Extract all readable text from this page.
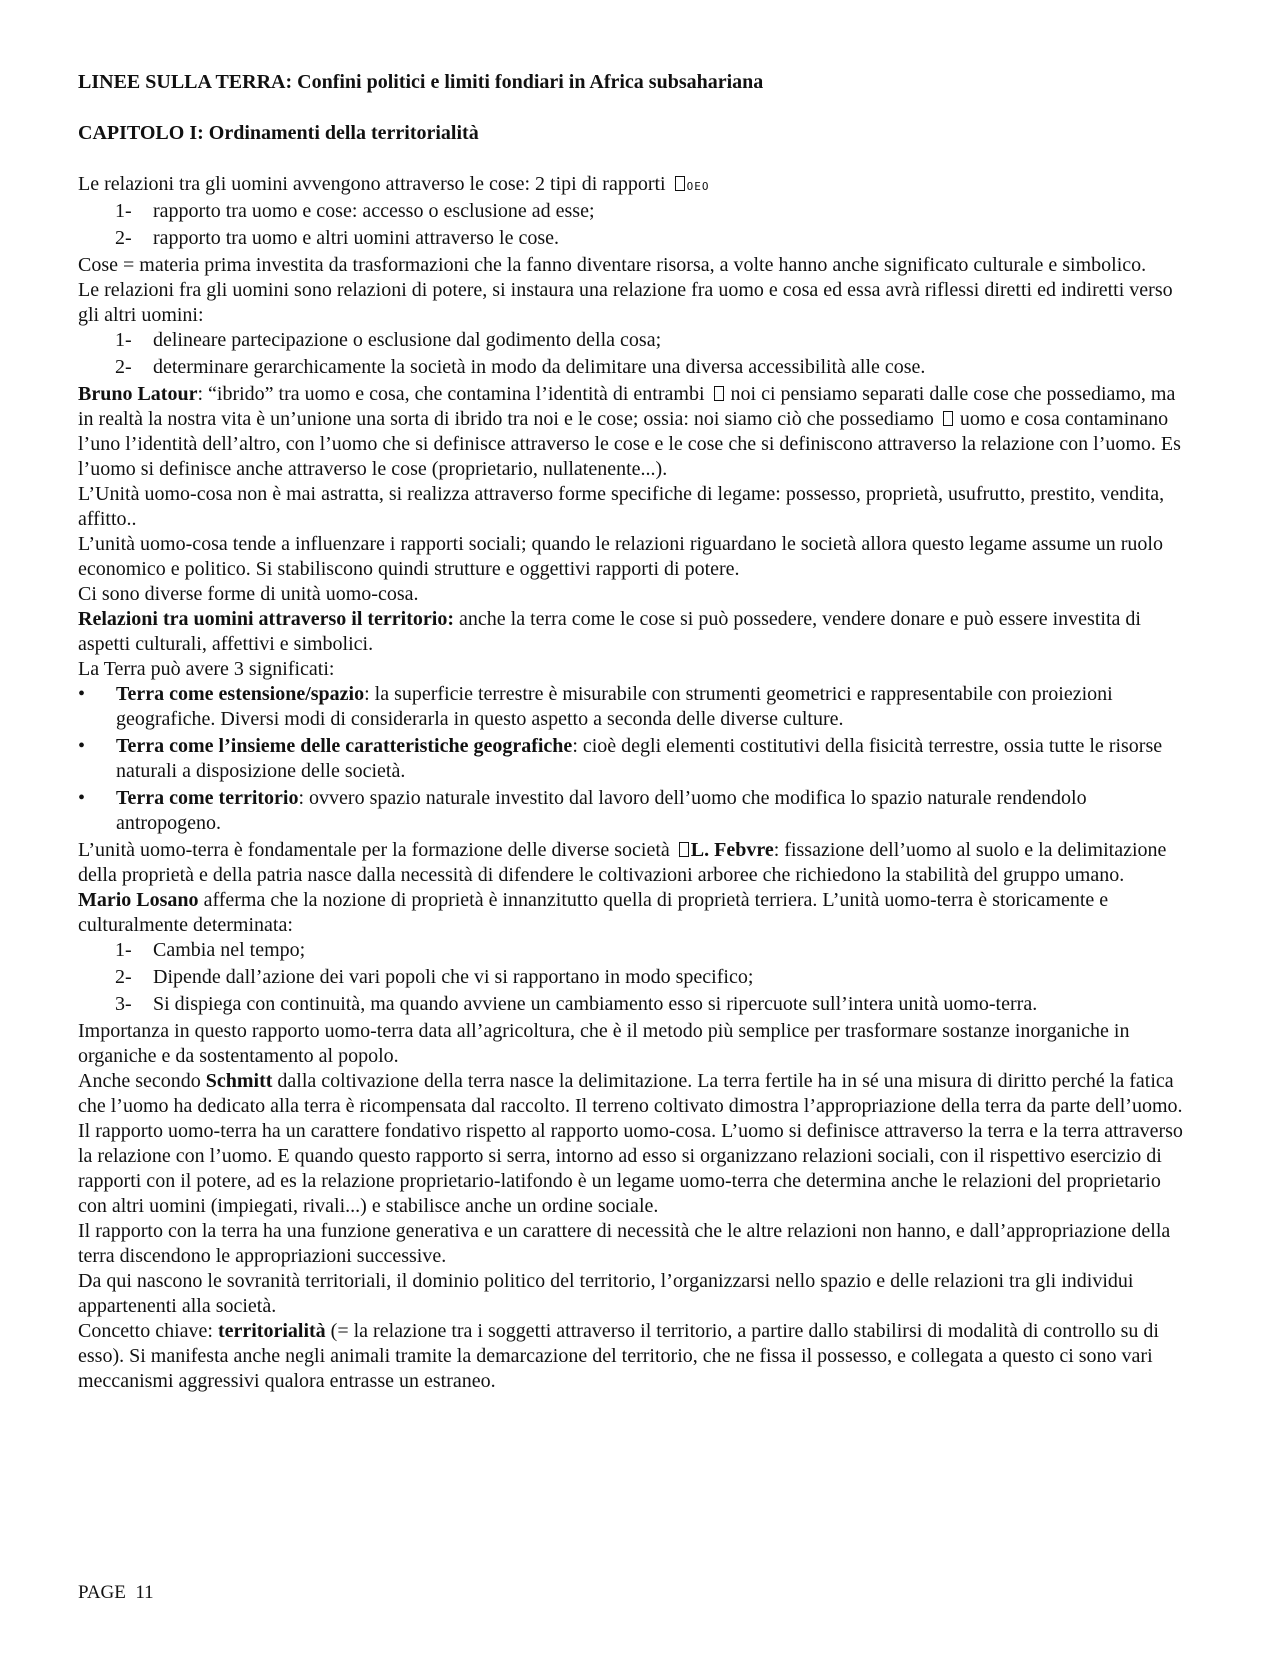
LINEE SULLA TERRA: Confini politici e limiti fondiari in Africa subsahariana
CAPITOLO I: Ordinamenti della territorialità

Le relazioni tra gli uomini avvengono attraverso le cose: 2 tipi di rapporti OEO

1- rapporto tra uomo e cose: accesso o esclusione ad esse;
2- rapporto tra uomo e altri uomini attraverso le cose.

Cose = materia prima investita da trasformazioni che la fanno diventare risorsa, a volte hanno anche significato culturale e simbolico.

Le relazioni fra gli uomini sono relazioni di potere, si instaura una relazione fra uomo e cosa ed essa avrà riflessi diretti ed indiretti verso gli altri uomini:

1- delineare partecipazione o esclusione dal godimento della cosa;
2- determinare gerarchicamente la società in modo da delimitare una diversa accessibilità alle cose.

Bruno Latour: “ibrido” tra uomo e cosa, che contamina l’identità di entrambi  noi ci pensiamo separati dalle cose che possediamo, ma in realtà la nostra vita è un’unione una sorta di ibrido tra noi e le cose; ossia: noi siamo ciò che possediamo  uomo e cosa contaminano l’uno l’identità dell’altro, con l’uomo che si definisce attraverso le cose e le cose che si definiscono attraverso la relazione con l’uomo. Es l’uomo si definisce anche attraverso le cose (proprietario, nullatenente...).

L’Unità uomo-cosa non è mai astratta, si realizza attraverso forme specifiche di legame: possesso, proprietà, usufrutto, prestito, vendita, affitto..

L’unità uomo-cosa tende a influenzare i rapporti sociali; quando le relazioni riguardano le società allora questo legame assume un ruolo economico e politico. Si stabiliscono quindi strutture e oggettivi rapporti di potere.

Ci sono diverse forme di unità uomo-cosa.

Relazioni tra uomini attraverso il territorio: anche la terra come le cose si può possedere, vendere donare e può essere investita di aspetti culturali, affettivi e simbolici.

La Terra può avere 3 significati:

• Terra come estensione/spazio: la superficie terrestre è misurabile con strumenti geometrici e rappresentabile con proiezioni geografiche. Diversi modi di considerarla in questo aspetto a seconda delle diverse culture.
• Terra come l’insieme delle caratteristiche geografiche: cioè degli elementi costitutivi della fisicità terrestre, ossia tutte le risorse naturali a disposizione delle società.
• Terra come territorio: ovvero spazio naturale investito dal lavoro dell’uomo che modifica lo spazio naturale rendendolo antropogeno.

L’unità uomo-terra è fondamentale per la formazione delle diverse società L. Febvre: fissazione dell’uomo al suolo e la delimitazione della proprietà e della patria nasce dalla necessità di difendere le coltivazioni arboree che richiedono la stabilità del gruppo umano.

Mario Losano afferma che la nozione di proprietà è innanzitutto quella di proprietà terriera. L’unità uomo-terra è storicamente e culturalmente determinata:

1- Cambia nel tempo;
2- Dipende dall’azione dei vari popoli che vi si rapportano in modo specifico;
3- Si dispiega con continuità, ma quando avviene un cambiamento esso si ripercuote sull’intera unità uomo-terra.

Importanza in questo rapporto uomo-terra data all’agricoltura, che è il metodo più semplice per trasformare sostanze inorganiche in organiche e da sostentamento al popolo.

Anche secondo Schmitt dalla coltivazione della terra nasce la delimitazione. La terra fertile ha in sé una misura di diritto perché la fatica che l’uomo ha dedicato alla terra è ricompensata dal raccolto. Il terreno coltivato dimostra l’appropriazione della terra da parte dell’uomo.

Il rapporto uomo-terra ha un carattere fondativo rispetto al rapporto uomo-cosa. L’uomo si definisce attraverso la terra e la terra attraverso la relazione con l’uomo. E quando questo rapporto si serra, intorno ad esso si organizzano relazioni sociali, con il rispettivo esercizio di rapporti con il potere, ad es la relazione proprietario-latifondo è un legame uomo-terra che determina anche le relazioni del proprietario con altri uomini (impiegati, rivali...) e stabilisce anche un ordine sociale.

Il rapporto con la terra ha una funzione generativa e un carattere di necessità che le altre relazioni non hanno, e dall’appropriazione della terra discendono le appropriazioni successive.

Da qui nascono le sovranità territoriali, il dominio politico del territorio, l’organizzarsi nello spazio e delle relazioni tra gli individui appartenenti alla società.

Concetto chiave: territorialità (= la relazione tra i soggetti attraverso il territorio, a partire dallo stabilirsi di modalità di controllo su di esso). Si manifesta anche negli animali tramite la demarcazione del territorio, che ne fissa il possesso, e collegata a questo ci sono vari meccanismi aggressivi qualora entrasse un estraneo.

PAGE 11
